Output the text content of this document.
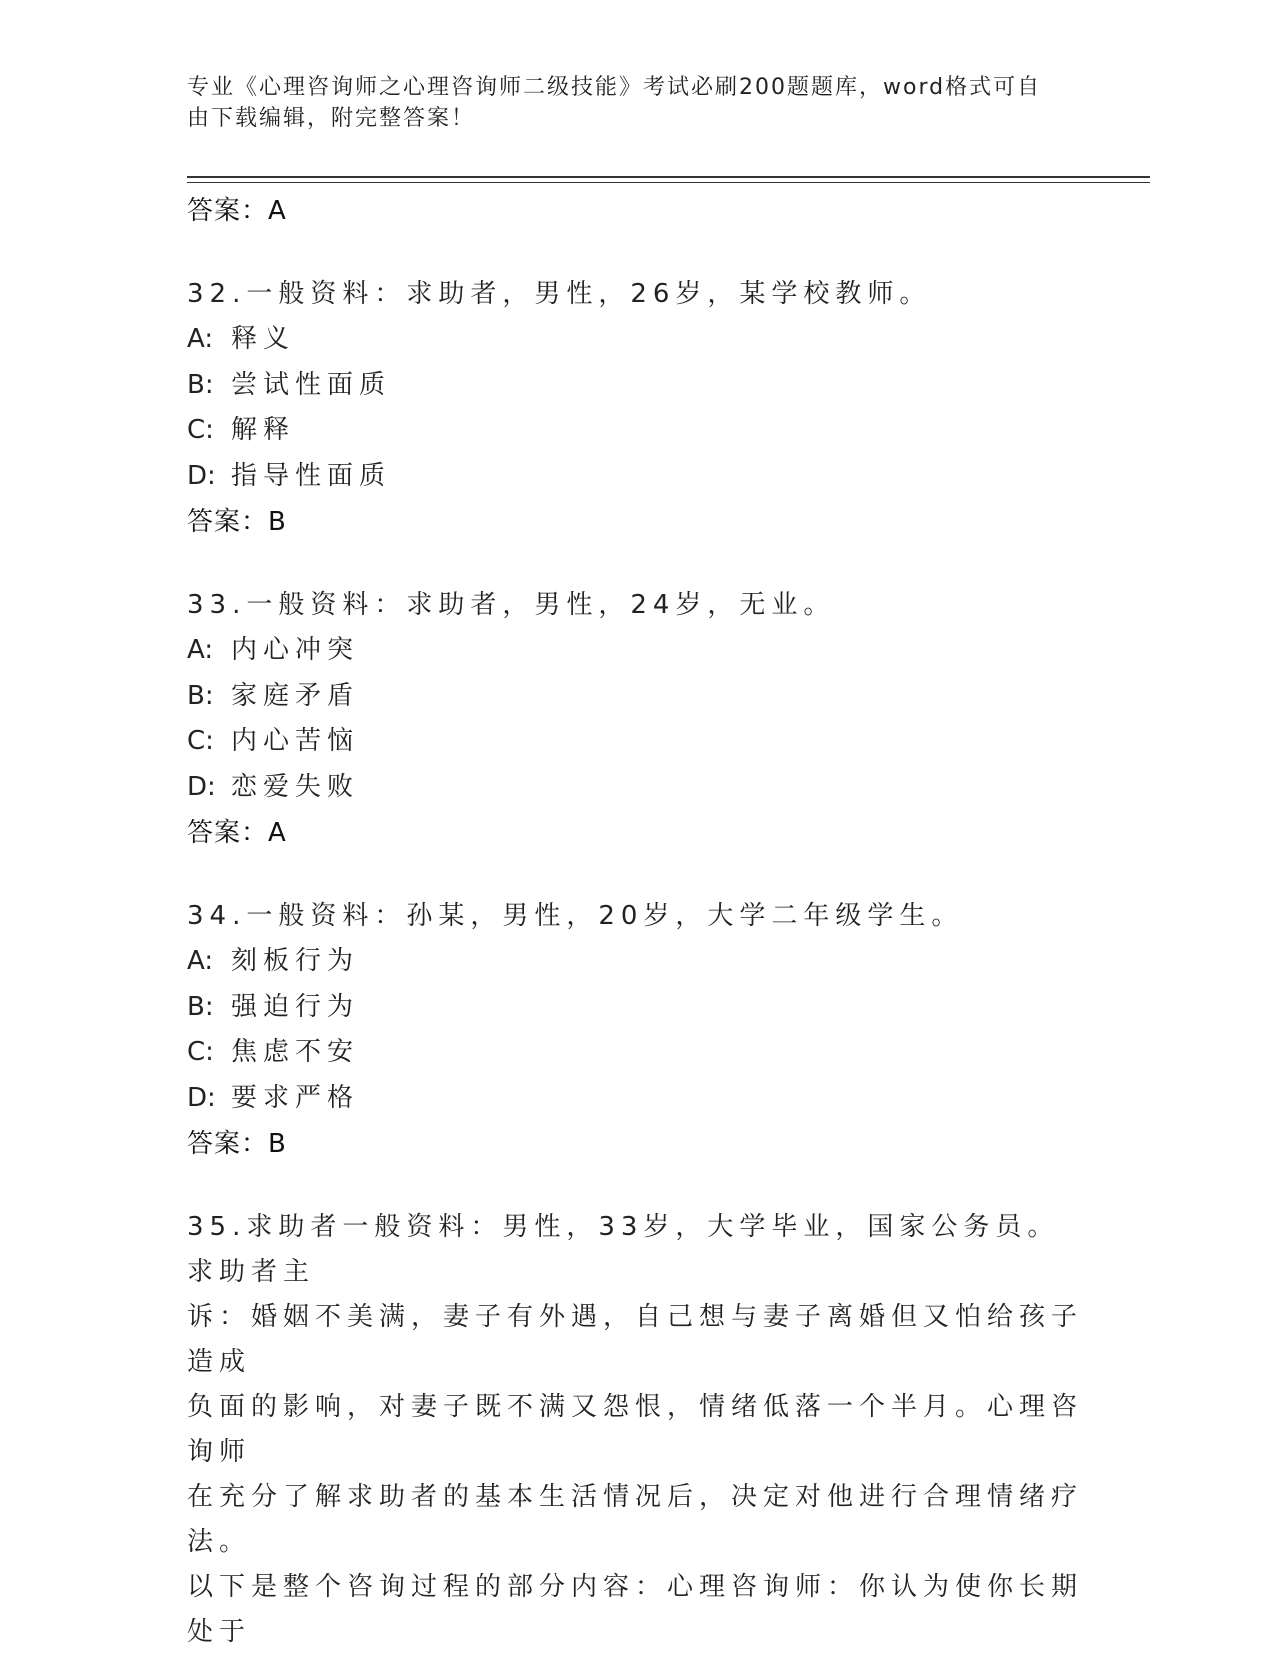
专业《心理咨询师之心理咨询师二级技能》考试必刷200题题库，word格式可自
由下载编辑，附完整答案！
答案：A
32.一般资料：求助者，男性，26岁，某学校教师。
A: 释义
B: 尝试性面质
C: 解释
D: 指导性面质
答案：B
33.一般资料：求助者，男性，24岁，无业。
A: 内心冲突
B: 家庭矛盾
C: 内心苦恼
D: 恋爱失败
答案：A
34.一般资料：孙某，男性，20岁，大学二年级学生。
A: 刻板行为
B: 强迫行为
C: 焦虑不安
D: 要求严格
答案：B
35.求助者一般资料：男性，33岁，大学毕业，国家公务员。求助者主
诉：婚姻不美满，妻子有外遇，自己想与妻子离婚但又怕给孩子造成
负面的影响，对妻子既不满又怨恨，情绪低落一个半月。心理咨询师
在充分了解求助者的基本生活情况后，决定对他进行合理情绪疗法。
以下是整个咨询过程的部分内容：心理咨询师：你认为使你长期处于
